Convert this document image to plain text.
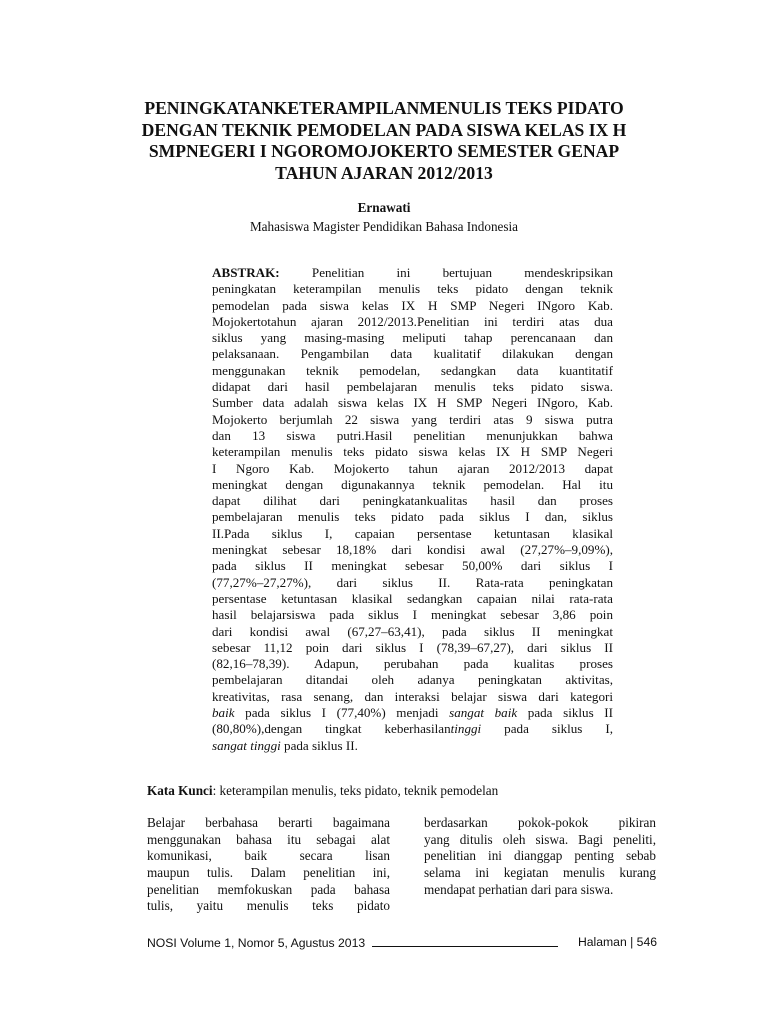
PENINGKATANKETERAMPILANMENULIS TEKS PIDATO
DENGAN TEKNIK PEMODELAN PADA SISWA KELAS IX H
SMPNEGERI I NGOROMOJOKERTO SEMESTER GENAP
TAHUN AJARAN 2012/2013

Ernawati

Mahasiswa Magister Pendidikan Bahasa Indonesia

ABSTRAK: Penelitian ini bertujuan mendeskripsikan
peningkatan keterampilan menulis teks pidato dengan teknik
pemodelan pada siswa kelas IX H SMP Negeri INgoro Kab.
Mojokertotahun ajaran 2012/2013.Penelitian ini terdiri atas dua
siklus yang masing-masing meliputi tahap perencanaan dan
pelaksanaan. Pengambilan data kualitatif dilakukan dengan
menggunakan teknik pemodelan, sedangkan data kuantitatif
didapat dari hasil pembelajaran menulis teks pidato siswa.
Sumber data adalah siswa kelas IX H SMP Negeri INgoro, Kab.
Mojokerto berjumlah 22 siswa yang terdiri atas 9 siswa putra
dan 13 siswa putri.Hasil penelitian menunjukkan bahwa
keterampilan menulis teks pidato siswa kelas IX H SMP Negeri
I Ngoro Kab. Mojokerto tahun ajaran 2012/2013 dapat
meningkat dengan digunakannya teknik pemodelan. Hal itu
dapat dilihat dari peningkatankualitas hasil dan proses
pembelajaran menulis teks pidato pada siklus I dan, siklus
II.Pada siklus I, capaian persentase ketuntasan klasikal
meningkat sebesar 18,18% dari kondisi awal (27,27%–9,09%),
pada siklus II meningkat sebesar 50,00% dari siklus I
(77,27%–27,27%), dari siklus II. Rata-rata peningkatan
persentase ketuntasan klasikal sedangkan capaian nilai rata-rata
hasil belajarsiswa pada siklus I meningkat sebesar 3,86 poin
dari kondisi awal (67,27–63,41), pada siklus II meningkat
sebesar 11,12 poin dari siklus I (78,39–67,27), dari siklus II
(82,16–78,39). Adapun, perubahan pada kualitas proses
pembelajaran ditandai oleh adanya peningkatan aktivitas,
kreativitas, rasa senang, dan interaksi belajar siswa dari kategori
baik pada siklus I (77,40%) menjadi sangat baik pada siklus II
(80,80%),dengan tingkat keberhasilantinggi pada siklus I,
sangat tinggi pada siklus II.
Kata Kunci: keterampilan menulis, teks pidato, teknik pemodelan
Belajar berbahasa berarti bagaimana
menggunakan bahasa itu sebagai alat
komunikasi, baik secara lisan
maupun tulis. Dalam penelitian ini,
penelitian memfokuskan pada bahasa
tulis, yaitu menulis teks pidato
berdasarkan pokok-pokok pikiran
yang ditulis oleh siswa. Bagi peneliti,
penelitian ini dianggap penting sebab
selama ini kegiatan menulis kurang
mendapat perhatian dari para siswa.
NOSI Volume 1, Nomor 5, Agustus 2013	Halaman | 546
